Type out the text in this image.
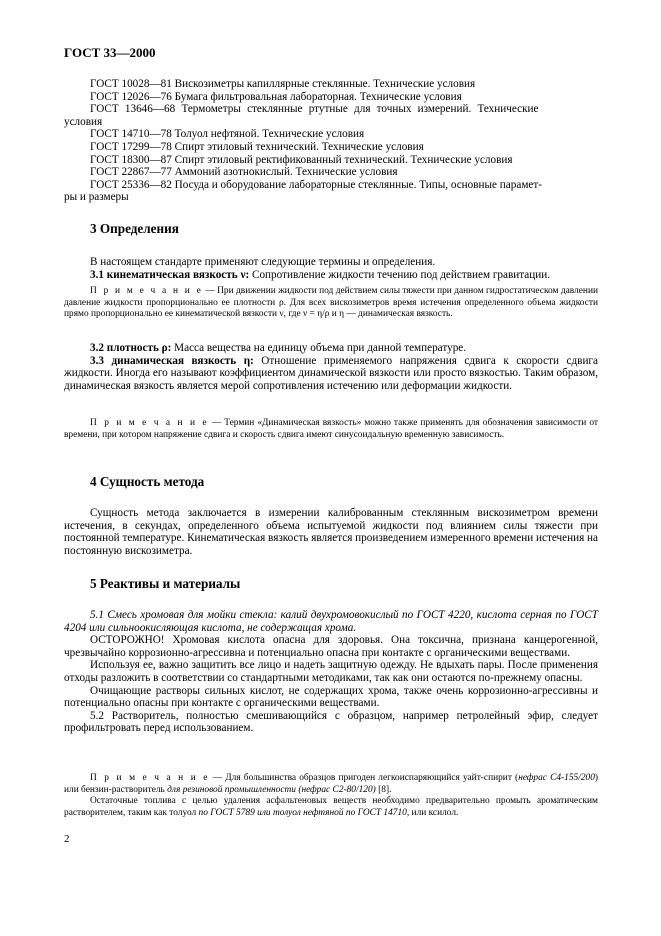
ГОСТ 33—2000
ГОСТ 10028—81 Вискозиметры капиллярные стеклянные. Технические условия
ГОСТ 12026—76 Бумага фильтровальная лабораторная. Технические условия
ГОСТ 13646—68 Термометры стеклянные ртутные для точных измерений. Технические
условия
ГОСТ 14710—78 Толуол нефтяной. Технические условия
ГОСТ 17299—78 Спирт этиловый технический. Технические условия
ГОСТ 18300—87 Спирт этиловый ректификованный технический. Технические условия
ГОСТ 22867—77 Аммоний азотнокислый. Технические условия
ГОСТ 25336—82 Посуда и оборудование лабораторные стеклянные. Типы, основные парамет-
ры и размеры
3 Определения
В настоящем стандарте применяют следующие термины и определения.
3.1 кинематическая вязкость ν: Сопротивление жидкости течению под действием гравитации.
П р и м е ч а н и е — При движении жидкости под действием силы тяжести при данном гидростатическом давлении давление жидкости пропорционально ее плотности ρ. Для всех вискозиметров время истечения определенного объема жидкости прямо пропорционально ее кинематической вязкости ν, где ν = η/ρ и η — динамическая вязкость.
3.2 плотность ρ: Масса вещества на единицу объема при данной температуре.
3.3 динамическая вязкость η: Отношение применяемого напряжения сдвига к скорости сдвига жидкости. Иногда его называют коэффициентом динамической вязкости или просто вязкостью. Таким образом, динамическая вязкость является мерой сопротивления истечению или деформации жидкости.
П р и м е ч а н и е — Термин «Динамическая вязкость» можно также применять для обозначения зависимости от времени, при котором напряжение сдвига и скорость сдвига имеют синусоидальную временную зависимость.
4 Сущность метода
Сущность метода заключается в измерении калиброванным стеклянным вискозиметром времени истечения, в секундах, определенного объема испытуемой жидкости под влиянием силы тяжести при постоянной температуре. Кинематическая вязкость является произведением измеренного времени истечения на постоянную вискозиметра.
5 Реактивы и материалы
5.1 Смесь хромовая для мойки стекла: калий двухромовокислый по ГОСТ 4220, кислота серная по ГОСТ 4204 или сильноокисляющая кислота, не содержащая хрома.
ОСТОРОЖНО! Хромовая кислота опасна для здоровья. Она токсична, признана канцерогенной, чрезвычайно коррозионно-агрессивна и потенциально опасна при контакте с органическими веществами.
Используя ее, важно защитить все лицо и надеть защитную одежду. Не вдыхать пары. После применения отходы разложить в соответствии со стандартными методиками, так как они остаются по-прежнему опасны.
Очищающие растворы сильных кислот, не содержащих хрома, также очень коррозионно-агрессивны и потенциально опасны при контакте с органическими веществами.
5.2 Растворитель, полностью смешивающийся с образцом, например петролейный эфир, следует профильтровать перед использованием.
П р и м е ч а н и е — Для большинства образцов пригоден легкоиспаряющийся уайт-спирит (нефрас С4-155/200) или бензин-растворитель для резиновой промышленности (нефрас С2-80/120) [8].
Остаточные топлива с целью удаления асфальтеновых веществ необходимо предварительно промыть ароматическим растворителем, таким как толуол по ГОСТ 5789 или толуол нефтяной по ГОСТ 14710, или ксилол.
2
